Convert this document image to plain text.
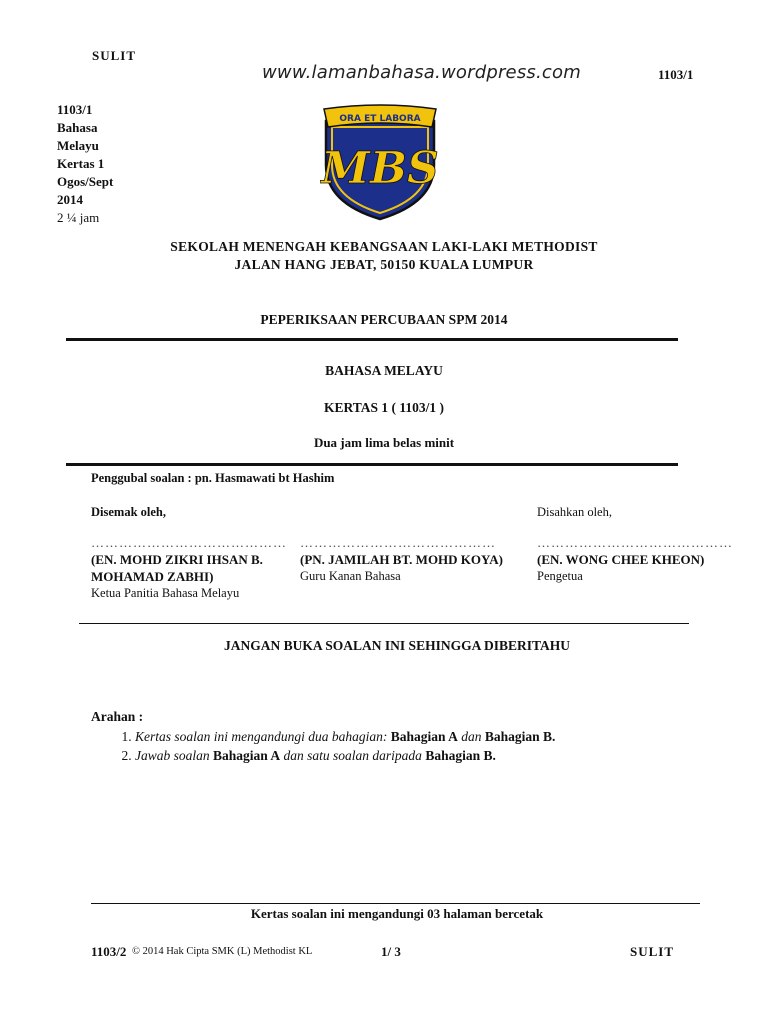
SULIT
www.lamanbahasa.wordpress.com	1103/1
1103/1
Bahasa
Melayu
Kertas 1
Ogos/Sept
2014
2 ¼ jam
ORA ET LABORA
MBS
SEKOLAH MENENGAH KEBANGSAAN LAKI-LAKI METHODIST
JALAN HANG JEBAT, 50150 KUALA LUMPUR
PEPERIKSAAN PERCUBAAN SPM 2014
BAHASA MELAYU
KERTAS 1 ( 1103/1 )
Dua jam lima belas minit
Penggubal soalan : pn. Hasmawati bt Hashim
Disemak oleh,	Disahkan oleh,
……………………………………
(EN. MOHD ZIKRI IHSAN B.
MOHAMAD ZABHI)
Ketua Panitia Bahasa Melayu
……………………………………
(PN. JAMILAH BT. MOHD KOYA)
Guru Kanan Bahasa
……………………………………
(EN. WONG CHEE KHEON)
Pengetua
JANGAN BUKA SOALAN INI SEHINGGA DIBERITAHU
Arahan :
1. Kertas soalan ini mengandungi dua bahagian: Bahagian A dan Bahagian B.
2. Jawab soalan Bahagian A dan satu soalan daripada Bahagian B.
Kertas soalan ini mengandungi 03 halaman bercetak
1103/2 © 2014 Hak Cipta SMK (L) Methodist KL	1/ 3	SULIT
